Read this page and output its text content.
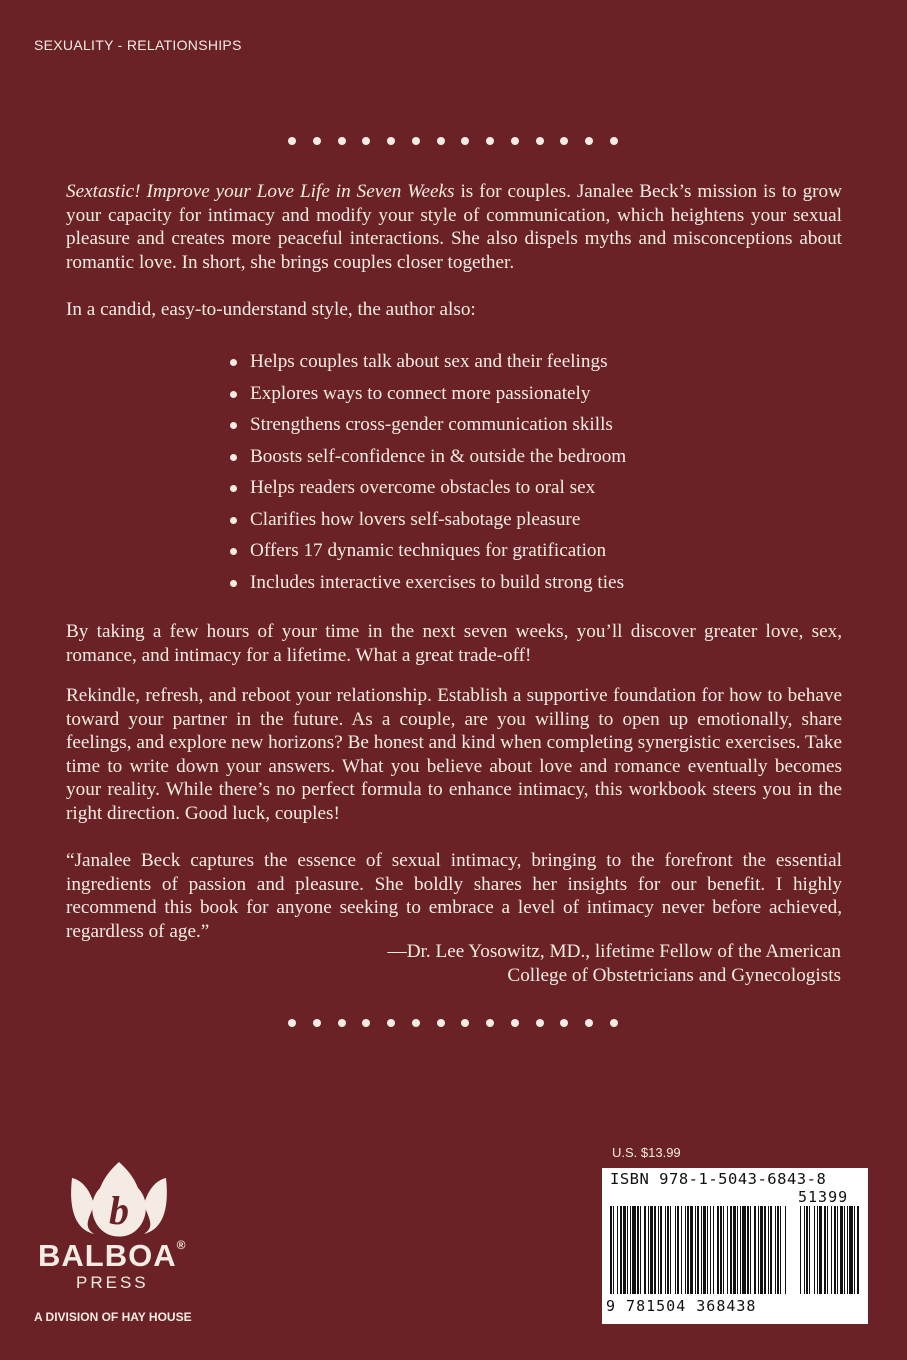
SEXUALITY - RELATIONSHIPS
Sextastic! Improve your Love Life in Seven Weeks is for couples. Janalee Beck’s mission is to grow your capacity for intimacy and modify your style of communication, which heightens your sexual pleasure and creates more peaceful interactions. She also dispels myths and misconceptions about romantic love. In short, she brings couples closer together.
In a candid, easy-to-understand style, the author also:
Helps couples talk about sex and their feelings
Explores ways to connect more passionately
Strengthens cross-gender communication skills
Boosts self-confidence in & outside the bedroom
Helps readers overcome obstacles to oral sex
Clarifies how lovers self-sabotage pleasure
Offers 17 dynamic techniques for gratification
Includes interactive exercises to build strong ties
By taking a few hours of your time in the next seven weeks, you’ll discover greater love, sex, romance, and intimacy for a lifetime. What a great trade-off!
Rekindle, refresh, and reboot your relationship. Establish a supportive foundation for how to behave toward your partner in the future. As a couple, are you willing to open up emotionally, share feelings, and explore new horizons? Be honest and kind when completing synergistic exercises. Take time to write down your answers. What you believe about love and romance eventually becomes your reality. While there’s no perfect formula to enhance intimacy, this workbook steers you in the right direction. Good luck, couples!
“Janalee Beck captures the essence of sexual intimacy, bringing to the forefront the essential ingredients of passion and pleasure. She boldly shares her insights for our benefit. I highly recommend this book for anyone seeking to embrace a level of intimacy never before achieved, regardless of age.”
—Dr. Lee Yosowitz, MD., lifetime Fellow of the American
College of Obstetricians and Gynecologists
b
BALBOA®
PRESS
A DIVISION OF HAY HOUSE
U.S. $13.99
ISBN 978-1-5043-6843-8
51399
9 781504 368438
